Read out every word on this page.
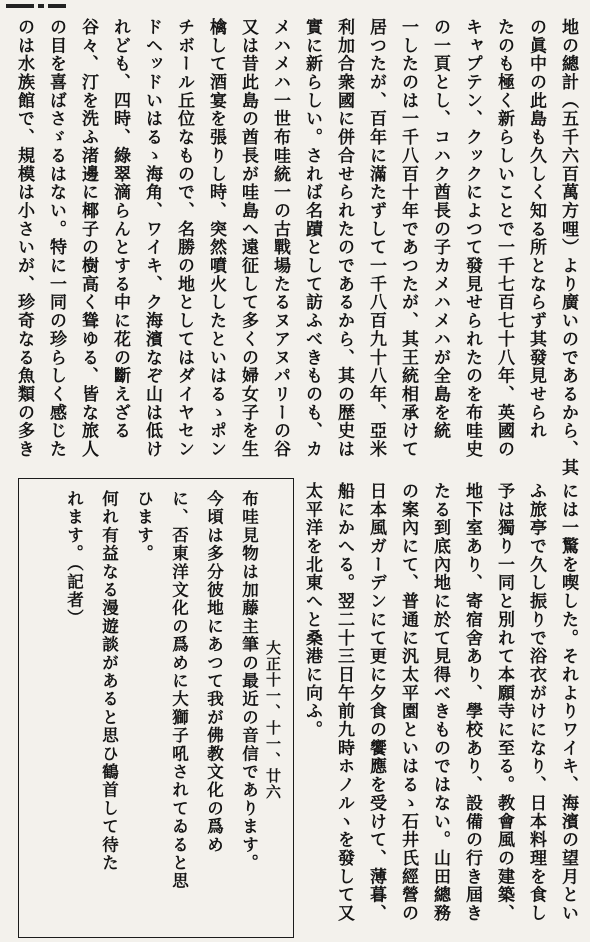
地の總計（五千六百萬方哩）より廣いのであるから、其
の眞中の此島も久しく知る所とならず其發見せられ
たのも極く新らしいことで一千七百七十八年、英國の
キャプテン、クックによつて發見せられたのを布哇史
の一頁とし、コハク酋長の子カメハメハが全島を統
一したのは一千八百十年であつたが、其王統相承けて
居つたが、百年に滿たずして一千八百九十八年、亞米
利加合衆國に併合せられたのであるから、其の歴史は
實に新らしい。されば名蹟として訪ふべきものも、カ
メハメハ一世布哇統一の古戰場たるヌアヌパリーの谷
又は昔此島の酋長が哇島へ遠征して多くの婦女子を生
檎して酒宴を張りし時、突然噴火したといはるゝポン
チボール丘位なもので、名勝の地としてはダイヤセン
ドヘッドいはるゝ海角、ワイキ、ク海濱なぞ山は低け
れども、四時、綠翠滴らんとする中に花の斷えざる
谷々、汀を洗ふ渚邊に椰子の樹高く聳ゆる、皆な旅人
の目を喜ばさゞるはない。特に一同の珍らしく感じた
のは水族館で、規模は小さいが、珍奇なる魚類の多き
には一驚を喫した。それよりワイキ、海濱の望月とい
ふ旅亭で久し振りで浴衣がけになり、日本料理を食し
予は獨り一同と別れて本願寺に至る。教會風の建築、
地下室あり、寄宿舍あり、學校あり、設備の行き屆き
たる到底內地に於て見得べきものではない。山田總務
の案內にて、普通に汎太平園といはるゝ石井氏經營の
日本風ガーデンにて更に夕食の饗應を受けて、薄暮、
船にかへる。翌二十三日午前九時ホノルヽを發して又
太平洋を北東へと桑港に向ふ。
大正十一、十一、廿六
布哇見物は加藤主筆の最近の音信であります。
今頃は多分彼地にあつて我が佛教文化の爲め
に、否東洋文化の爲めに大獅子吼されてゐると思
ひます。
何れ有益なる漫遊談があると思ひ鶴首して待た
れます。（記者）
